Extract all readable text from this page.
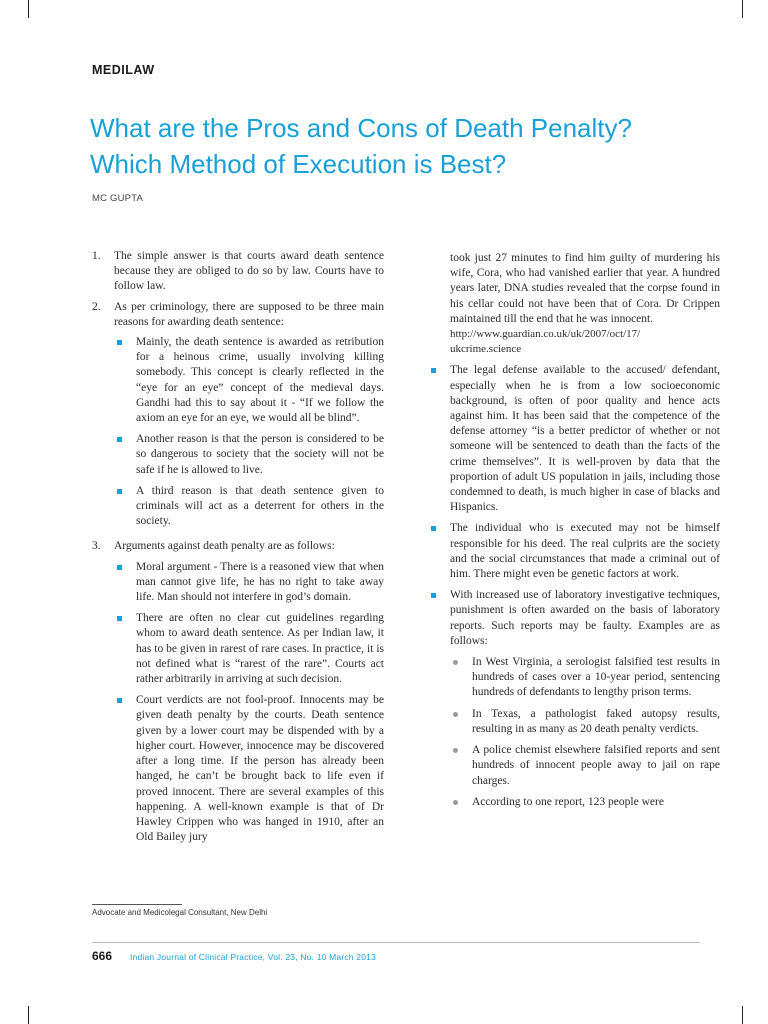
MEDILAW
What are the Pros and Cons of Death Penalty?
Which Method of Execution is Best?
MC GUPTA
1. The simple answer is that courts award death sentence because they are obliged to do so by law. Courts have to follow law.

2. As per criminology, there are supposed to be three main reasons for awarding death sentence:

Mainly, the death sentence is awarded as retribution for a heinous crime, usually involving killing somebody. This concept is clearly reflected in the “eye for an eye” concept of the medieval days. Gandhi had this to say about it - “If we follow the axiom an eye for an eye, we would all be blind”.

Another reason is that the person is considered to be so dangerous to society that the society will not be safe if he is allowed to live.

A third reason is that death sentence given to criminals will act as a deterrent for others in the society.

3. Arguments against death penalty are as follows:

Moral argument - There is a reasoned view that when man cannot give life, he has no right to take away life. Man should not interfere in god’s domain.

There are often no clear cut guidelines regarding whom to award death sentence. As per Indian law, it has to be given in rarest of rare cases. In practice, it is not defined what is “rarest of the rare”. Courts act rather arbitrarily in arriving at such decision.

Court verdicts are not fool-proof. Innocents may be given death penalty by the courts. Death sentence given by a lower court may be dispended with by a higher court. However, innocence may be discovered after a long time. If the person has already been hanged, he can’t be brought back to life even if proved innocent. There are several examples of this happening. A well-known example is that of Dr Hawley Crippen who was hanged in 1910, after an Old Bailey jury

took just 27 minutes to find him guilty of murdering his wife, Cora, who had vanished earlier that year. A hundred years later, DNA studies revealed that the corpse found in his cellar could not have been that of Cora. Dr Crippen maintained till the end that he was innocent.

http://www.guardian.co.uk/uk/2007/oct/17/
ukcrime.science

The legal defense available to the accused/ defendant, especially when he is from a low socioeconomic background, is often of poor quality and hence acts against him. It has been said that the competence of the defense attorney “is a better predictor of whether or not someone will be sentenced to death than the facts of the crime themselves”. It is well-proven by data that the proportion of adult US population in jails, including those condemned to death, is much higher in case of blacks and Hispanics.

The individual who is executed may not be himself responsible for his deed. The real culprits are the society and the social circumstances that made a criminal out of him. There might even be genetic factors at work.

With increased use of laboratory investigative techniques, punishment is often awarded on the basis of laboratory reports. Such reports may be faulty. Examples are as follows:

In West Virginia, a serologist falsified test results in hundreds of cases over a 10-year period, sentencing hundreds of defendants to lengthy prison terms.

In Texas, a pathologist faked autopsy results, resulting in as many as 20 death penalty verdicts.

A police chemist elsewhere falsified reports and sent hundreds of innocent people away to jail on rape charges.

According to one report, 123 people were

Advocate and Medicolegal Consultant, New Delhi
666 Indian Journal of Clinical Practice, Vol. 23, No. 10 March 2013
